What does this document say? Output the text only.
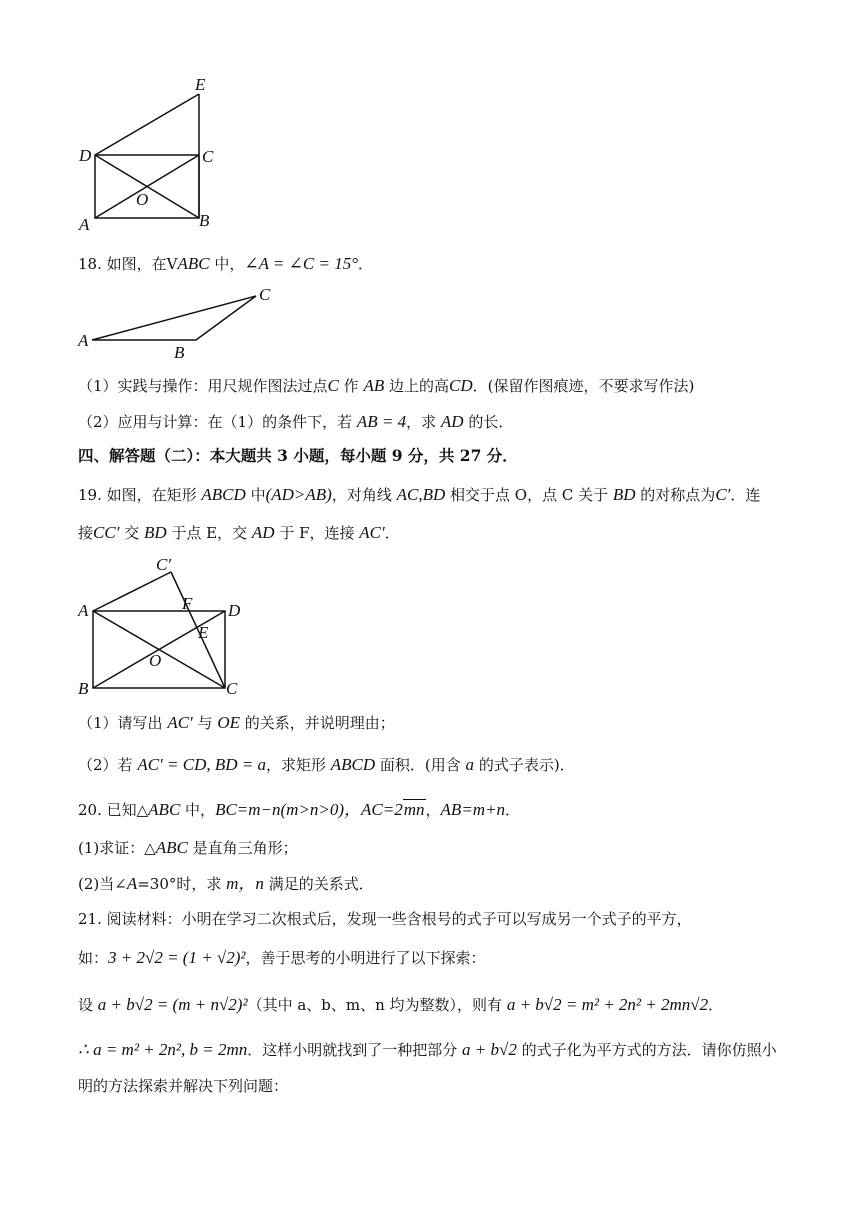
E
D	C
O
A	B
18. 如图，在VABC 中，∠A = ∠C = 15°．
A
B
C
（1）实践与操作：用尺规作图法过点C 作 AB 边上的高CD．(保留作图痕迹，不要求写作法)
（2）应用与计算：在（1）的条件下，若 AB = 4，求 AD 的长．
四、解答题（二）：本大题共 3 小题，每小题 9 分，共 27 分．
19. 如图，在矩形 ABCD 中(AD>AB)，对角线 AC,BD 相交于点 O，点 C 关于 BD 的对称点为C′．连
接CC′ 交 BD 于点 E，交 AD 于 F，连接 AC′．
C′
A	F D
E
O
B	C
（1）请写出 AC′ 与 OE 的关系，并说明理由；
（2）若 AC′ = CD, BD = a，求矩形 ABCD 面积．(用含 a 的式子表示)．
20. 已知△ABC 中，BC=m−n(m>n>0)，AC=2mn，AB=m+n．
(1)求证：△ABC 是直角三角形；
(2)当∠A=30°时，求 m，n 满足的关系式．
21. 阅读材料：小明在学习二次根式后，发现一些含根号的式子可以写成另一个式子的平方，
如：3 + 2√2 = (1 + √2)²，善于思考的小明进行了以下探索：
设 a + b√2 = (m + n√2)²（其中 a、b、m、n 均为整数），则有 a + b√2 = m² + 2n² + 2mn√2．
∴ a = m² + 2n², b = 2mn．这样小明就找到了一种把部分 a + b√2 的式子化为平方式的方法．请你仿照小
明的方法探索并解决下列问题：
